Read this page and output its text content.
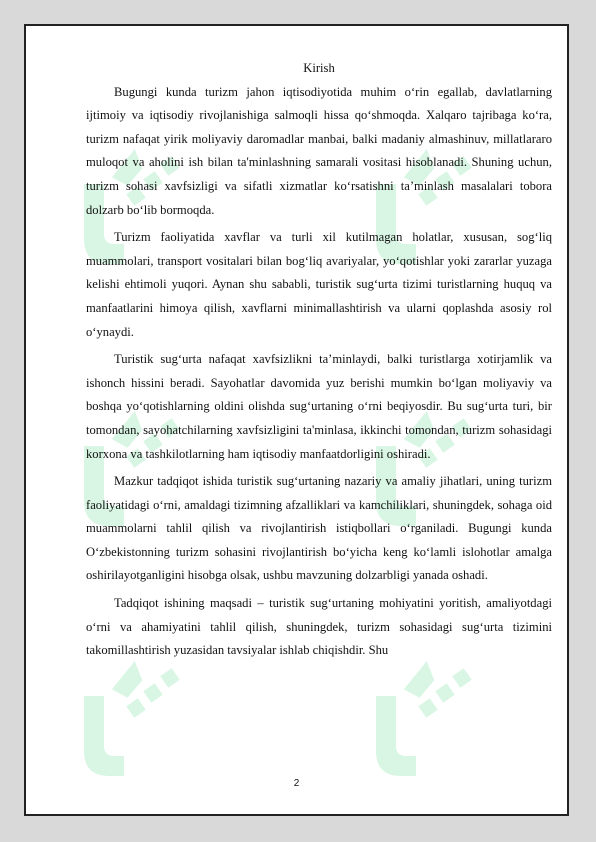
Kirish

Bugungi kunda turizm jahon iqtisodiyotida muhim o‘rin egallab, davlatlarning ijtimoiy va iqtisodiy rivojlanishiga salmoqli hissa qo‘shmoqda. Xalqaro tajribaga ko‘ra, turizm nafaqat yirik moliyaviy daromadlar manbai, balki madaniy almashinuv, millatlararo muloqot va aholini ish bilan ta'minlashning samarali vositasi hisoblanadi. Shuning uchun, turizm sohasi xavfsizligi va sifatli xizmatlar ko‘rsatishni ta’minlash masalalari tobora dolzarb bo‘lib bormoqda.

Turizm faoliyatida xavflar va turli xil kutilmagan holatlar, xususan, sog‘liq muammolari, transport vositalari bilan bog‘liq avariyalar, yo‘qotishlar yoki zararlar yuzaga kelishi ehtimoli yuqori. Aynan shu sababli, turistik sug‘urta tizimi turistlarning huquq va manfaatlarini himoya qilish, xavflarni minimallashtirish va ularni qoplashda asosiy rol o‘ynaydi.

Turistik sug‘urta nafaqat xavfsizlikni ta’minlaydi, balki turistlarga xotirjamlik va ishonch hissini beradi. Sayohatlar davomida yuz berishi mumkin bo‘lgan moliyaviy va boshqa yo‘qotishlarning oldini olishda sug‘urtaning o‘rni beqiyosdir. Bu sug‘urta turi, bir tomondan, sayohatchilarning xavfsizligini ta'minlasa, ikkinchi tomondan, turizm sohasidagi korxona va tashkilotlarning ham iqtisodiy manfaatdorligini oshiradi.

Mazkur tadqiqot ishida turistik sug‘urtaning nazariy va amaliy jihatlari, uning turizm faoliyatidagi o‘rni, amaldagi tizimning afzalliklari va kamchiliklari, shuningdek, sohaga oid muammolarni tahlil qilish va rivojlantirish istiqbollari o‘rganiladi. Bugungi kunda O‘zbekistonning turizm sohasini rivojlantirish bo‘yicha keng ko‘lamli islohotlar amalga oshirilayotganligini hisobga olsak, ushbu mavzuning dolzarbligi yanada oshadi.

Tadqiqot ishining maqsadi – turistik sug‘urtaning mohiyatini yoritish, amaliyotdagi o‘rni va ahamiyatini tahlil qilish, shuningdek, turizm sohasidagi sug‘urta tizimini takomillashtirish yuzasidan tavsiyalar ishlab chiqishdir. Shu

2
